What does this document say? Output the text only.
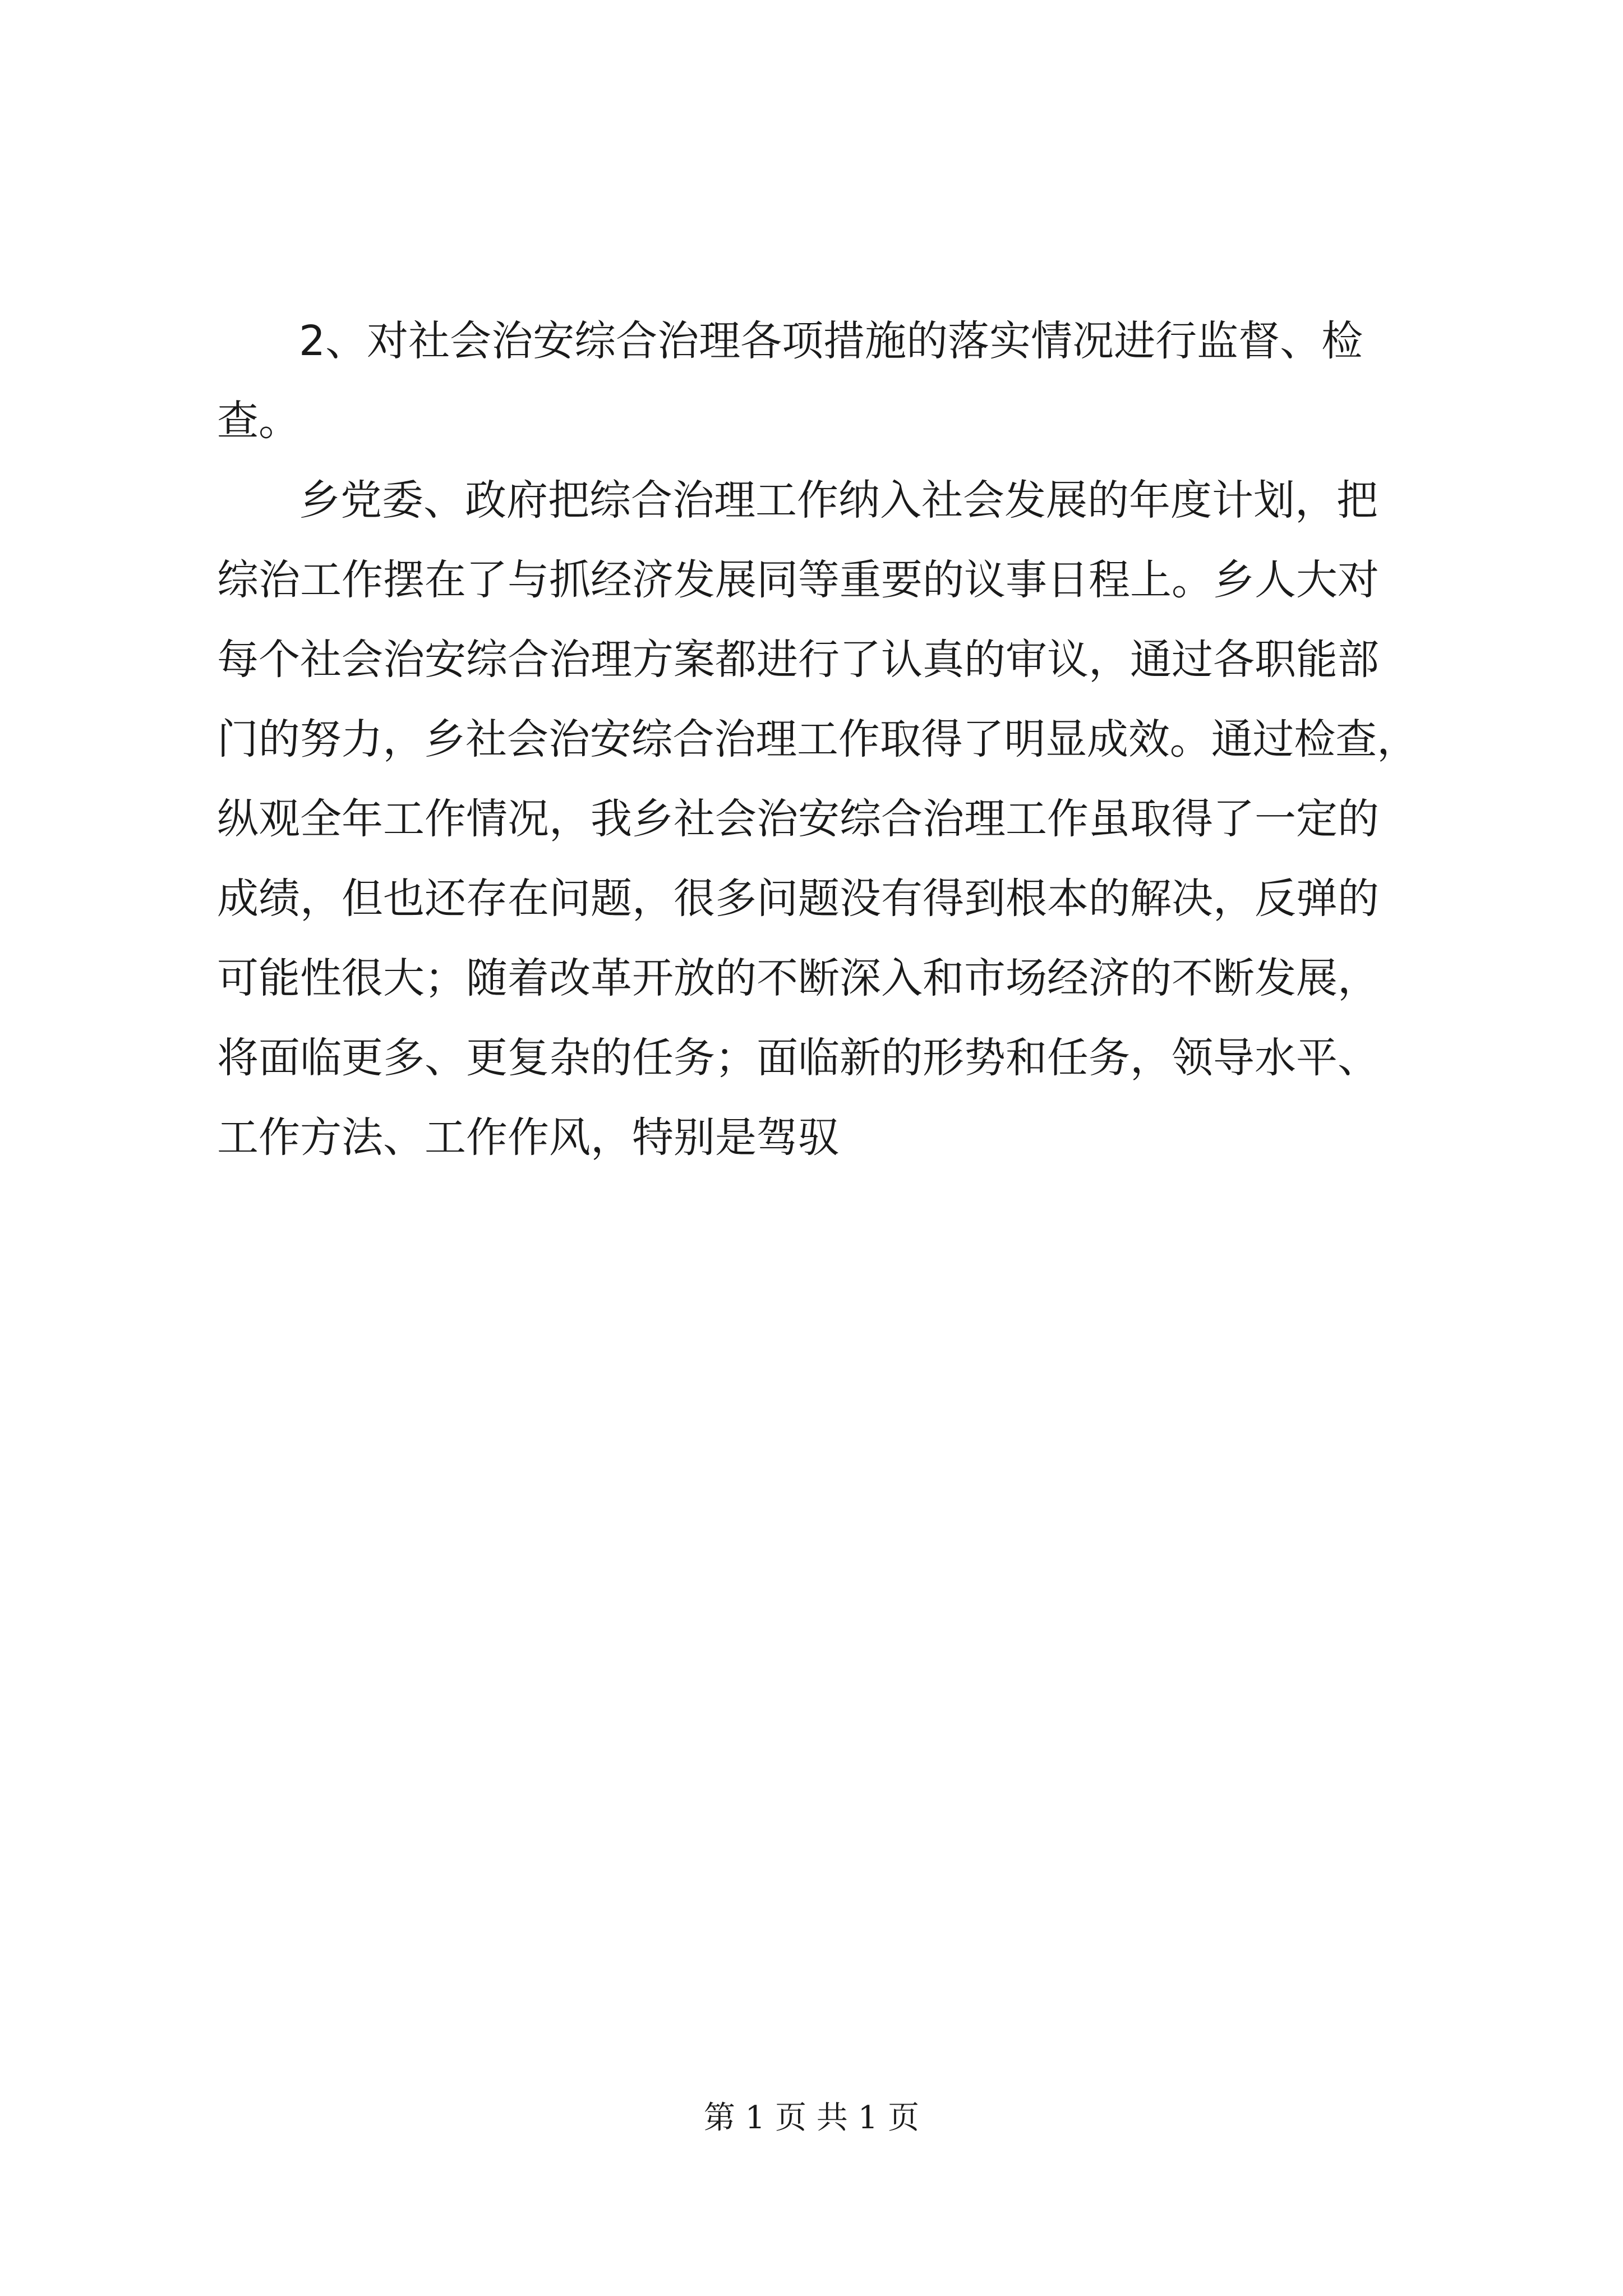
2、对社会治安综合治理各项措施的落实情况进行监督、检
查。
乡党委、政府把综合治理工作纳入社会发展的年度计划，把
综治工作摆在了与抓经济发展同等重要的议事日程上。乡人大对
每个社会治安综合治理方案都进行了认真的审议，通过各职能部
门的努力，乡社会治安综合治理工作取得了明显成效。通过检查，
纵观全年工作情况，我乡社会治安综合治理工作虽取得了一定的
成绩，但也还存在问题，很多问题没有得到根本的解决，反弹的
可能性很大；随着改革开放的不断深入和市场经济的不断发展，
将面临更多、更复杂的任务；面临新的形势和任务，领导水平、
工作方法、工作作风，特别是驾驭
第 1 页 共 1 页
